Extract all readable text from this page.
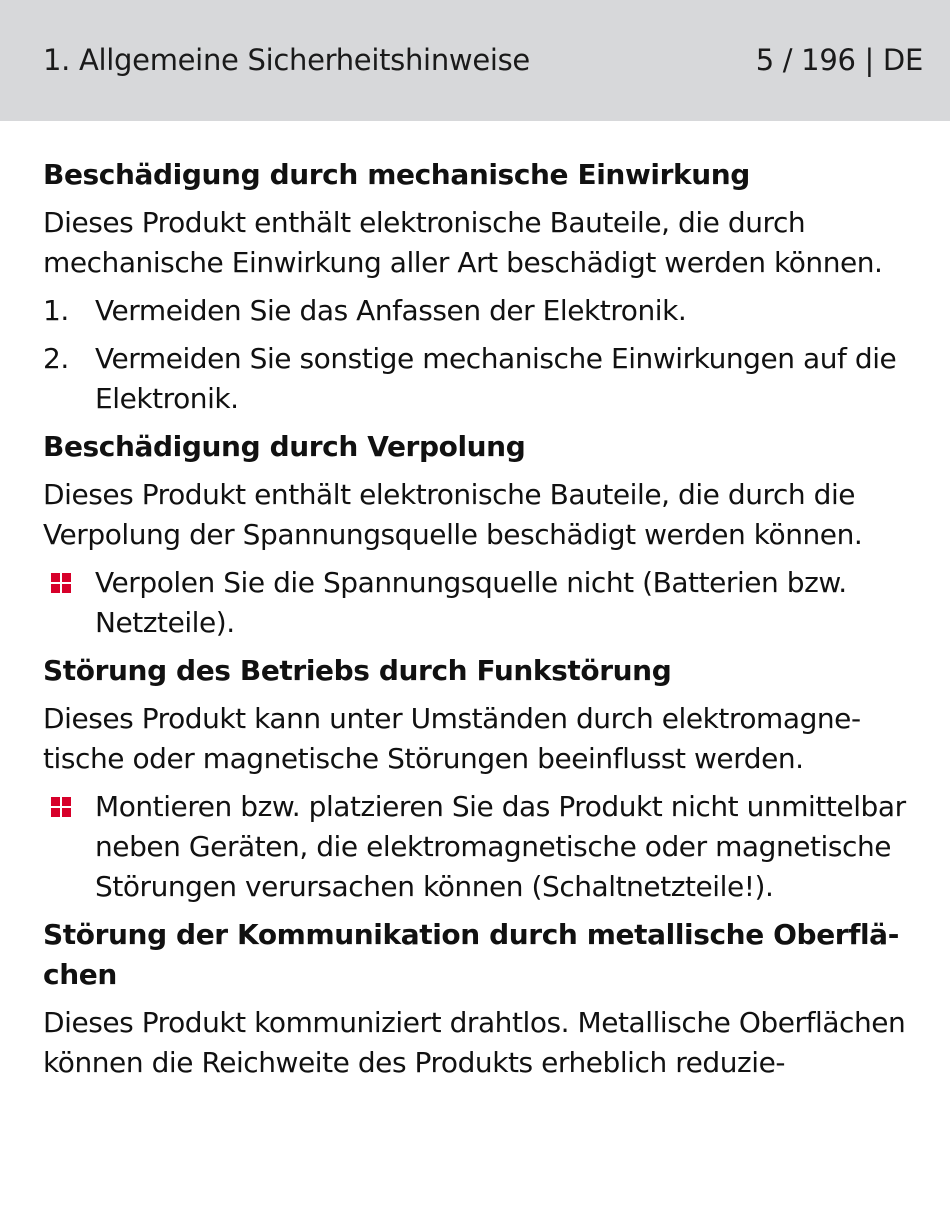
1. Allgemeine Sicherheitshinweise	5 / 196 | DE
Beschädigung durch mechanische Einwirkung

Dieses Produkt enthält elektronische Bauteile, die durch mechanische Einwirkung aller Art beschädigt werden können.

1. Vermeiden Sie das Anfassen der Elektronik.
2. Vermeiden Sie sonstige mechanische Einwirkungen auf die Elektronik.
Beschädigung durch Verpolung

Dieses Produkt enthält elektronische Bauteile, die durch die Verpolung der Spannungsquelle beschädigt werden können.

Verpolen Sie die Spannungsquelle nicht (Batterien bzw. Netzteile).
Störung des Betriebs durch Funkstörung

Dieses Produkt kann unter Umständen durch elektromagnetische oder magnetische Störungen beeinflusst werden.

Montieren bzw. platzieren Sie das Produkt nicht unmittelbar neben Geräten, die elektromagnetische oder magnetische Störungen verursachen können (Schaltnetzteile!).
Störung der Kommunikation durch metallische Oberflächen

Dieses Produkt kommuniziert drahtlos. Metallische Oberflächen können die Reichweite des Produkts erheblich reduzie-
